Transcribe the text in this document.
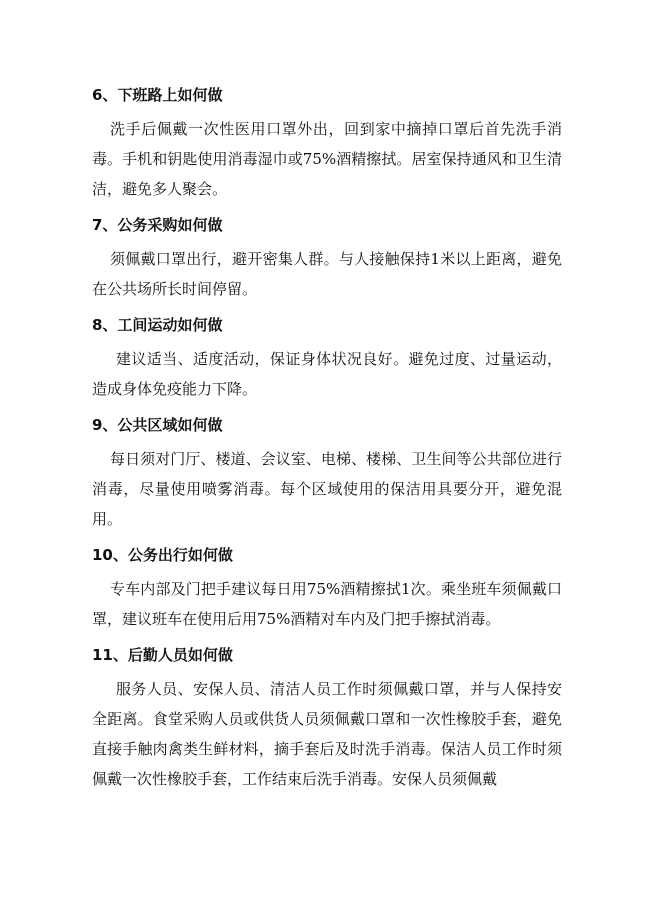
6、下班路上如何做

洗手后佩戴一次性医用口罩外出，回到家中摘掉口罩后首先洗手消毒。手机和钥匙使用消毒湿巾或75%酒精擦拭。居室保持通风和卫生清洁，避免多人聚会。

7、公务采购如何做

须佩戴口罩出行，避开密集人群。与人接触保持1米以上距离，避免在公共场所长时间停留。

8、工间运动如何做

建议适当、适度活动，保证身体状况良好。避免过度、过量运动，造成身体免疫能力下降。

9、公共区域如何做

每日须对门厅、楼道、会议室、电梯、楼梯、卫生间等公共部位进行消毒，尽量使用喷雾消毒。每个区域使用的保洁用具要分开，避免混用。

10、公务出行如何做

专车内部及门把手建议每日用75%酒精擦拭1次。乘坐班车须佩戴口罩，建议班车在使用后用75%酒精对车内及门把手擦拭消毒。

11、后勤人员如何做

服务人员、安保人员、清洁人员工作时须佩戴口罩，并与人保持安全距离。食堂采购人员或供货人员须佩戴口罩和一次性橡胶手套，避免直接手触肉禽类生鲜材料，摘手套后及时洗手消毒。保洁人员工作时须佩戴一次性橡胶手套，工作结束后洗手消毒。安保人员须佩戴
